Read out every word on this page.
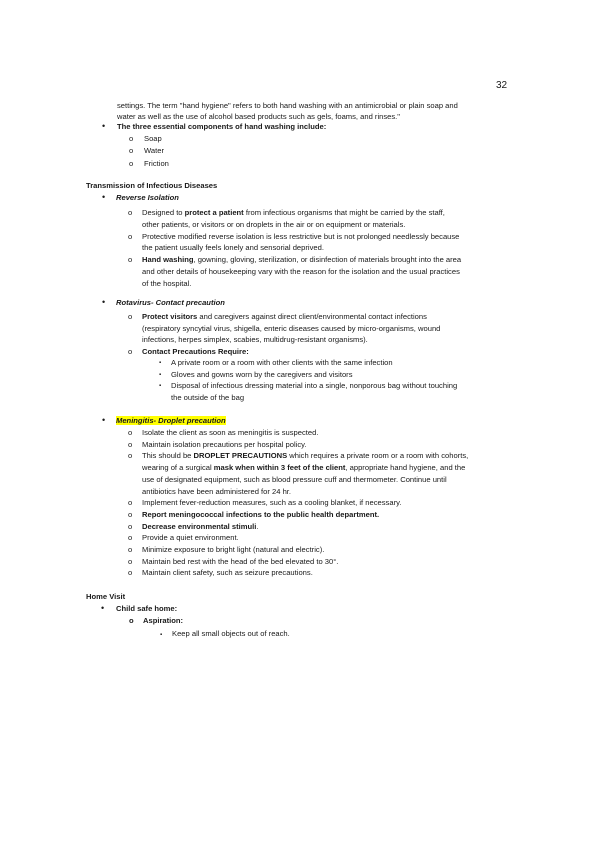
32

settings. The term "hand hygiene" refers to both hand washing with an antimicrobial or plain soap and

water as well as the use of alcohol based products such as gels, foams, and rinses."

• The three essential components of hand washing include:
o Soap
o Water
o Friction
Transmission of Infectious Diseases
• Reverse Isolation
o Designed to protect a patient from infectious organisms that might be carried by the staff,

other patients, or visitors or on droplets in the air or on equipment or materials.

o Protective modified reverse isolation is less restrictive but is not prolonged needlessly because

the patient usually feels lonely and sensorial deprived.

o Hand washing, gowning, gloving, sterilization, or disinfection of materials brought into the area

and other details of housekeeping vary with the reason for the isolation and the usual practices

of the hospital.

• Rotavirus- Contact precaution
o Protect visitors and caregivers against direct client/environmental contact infections

(respiratory syncytial virus, shigella, enteric diseases caused by micro-organisms, wound

infections, herpes simplex, scabies, multidrug-resistant organisms).

o Contact Precautions Require:

▪ A private room or a room with other clients with the same infection

▪ Gloves and gowns worn by the caregivers and visitors

▪ Disposal of infectious dressing material into a single, nonporous bag without touching

the outside of the bag

• Meningitis- Droplet precaution
o Isolate the client as soon as meningitis is suspected.

o Maintain isolation precautions per hospital policy.

o This should be DROPLET PRECAUTIONS which requires a private room or a room with cohorts,

wearing of a surgical mask when within 3 feet of the client, appropriate hand hygiene, and the

use of designated equipment, such as blood pressure cuff and thermometer. Continue until

antibiotics have been administered for 24 hr.

o Implement fever-reduction measures, such as a cooling blanket, if necessary.

o Report meningococcal infections to the public health department.

o Decrease environmental stimuli.

o Provide a quiet environment.

o Minimize exposure to bright light (natural and electric).

o Maintain bed rest with the head of the bed elevated to 30°.

o Maintain client safety, such as seizure precautions.

Home Visit
• Child safe home:
o Aspiration:
▪ Keep all small objects out of reach.
